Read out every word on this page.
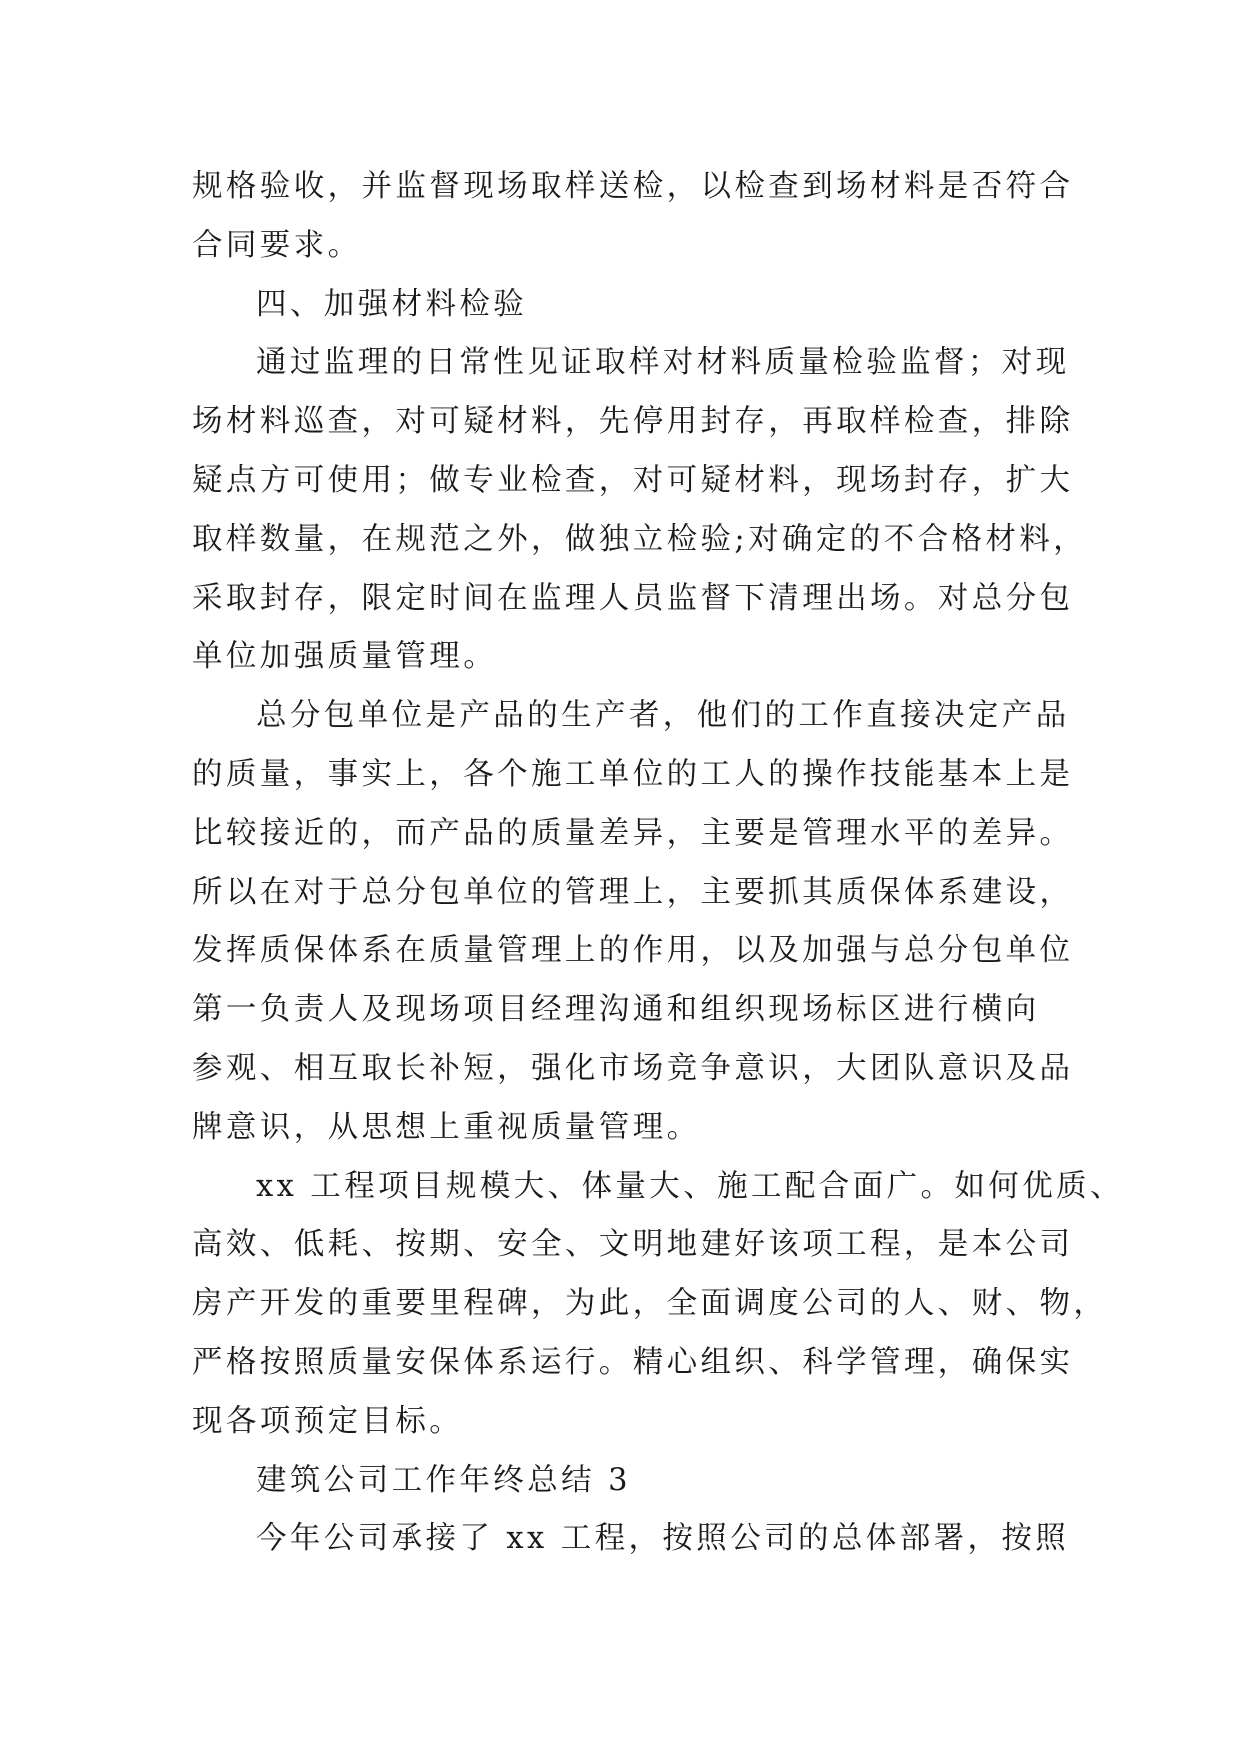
规格验收，并监督现场取样送检，以检查到场材料是否符合
合同要求。
四、加强材料检验
通过监理的日常性见证取样对材料质量检验监督；对现
场材料巡查，对可疑材料，先停用封存，再取样检查，排除
疑点方可使用；做专业检查，对可疑材料，现场封存，扩大
取样数量，在规范之外，做独立检验;对确定的不合格材料，
采取封存，限定时间在监理人员监督下清理出场。对总分包
单位加强质量管理。
总分包单位是产品的生产者，他们的工作直接决定产品
的质量，事实上，各个施工单位的工人的操作技能基本上是
比较接近的，而产品的质量差异，主要是管理水平的差异。
所以在对于总分包单位的管理上，主要抓其质保体系建设，
发挥质保体系在质量管理上的作用，以及加强与总分包单位
第一负责人及现场项目经理沟通和组织现场标区进行横向
参观、相互取长补短，强化市场竞争意识，大团队意识及品
牌意识，从思想上重视质量管理。
xx 工程项目规模大、体量大、施工配合面广。如何优质、
高效、低耗、按期、安全、文明地建好该项工程，是本公司
房产开发的重要里程碑，为此，全面调度公司的人、财、物，
严格按照质量安保体系运行。精心组织、科学管理，确保实
现各项预定目标。
建筑公司工作年终总结 3
今年公司承接了 xx 工程，按照公司的总体部署，按照
